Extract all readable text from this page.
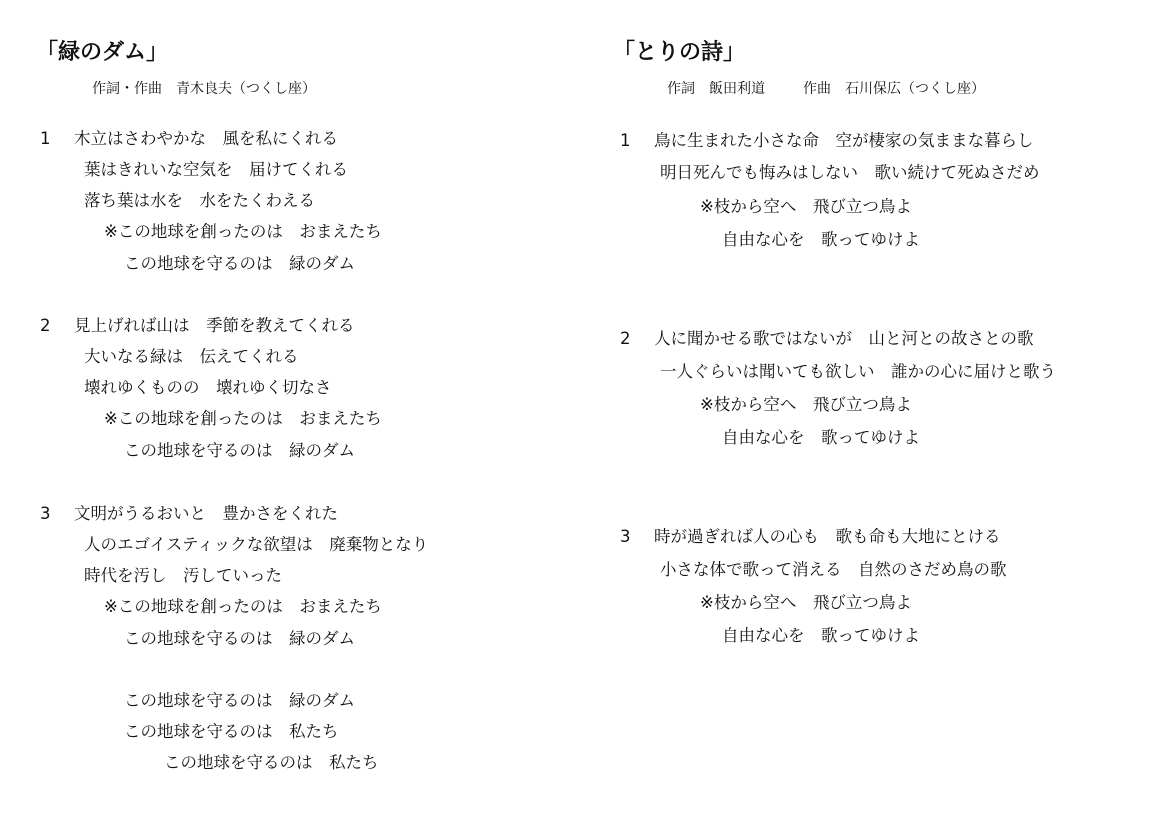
「緑のダム」
作詞・作曲　青木良夫（つくし座）
1 木立はさわやかな　風を私にくれる
葉はきれいな空気を　届けてくれる
落ち葉は水を　水をたくわえる
※この地球を創ったのは　おまえたち
この地球を守るのは　緑のダム
2 見上げれば山は　季節を教えてくれる
大いなる緑は　伝えてくれる
壊れゆくものの　壊れゆく切なさ
※この地球を創ったのは　おまえたち
この地球を守るのは　緑のダム
3 文明がうるおいと　豊かさをくれた
人のエゴイスティックな欲望は　廃棄物となり
時代を汚し　汚していった
※この地球を創ったのは　おまえたち
この地球を守るのは　緑のダム
この地球を守るのは　緑のダム
この地球を守るのは　私たち
この地球を守るのは　私たち
「とりの詩」
作詞　飯田利道	作曲　石川保広（つくし座）
1 鳥に生まれた小さな命　空が棲家の気ままな暮らし
明日死んでも悔みはしない　歌い続けて死ぬさだめ
※枝から空へ　飛び立つ鳥よ
自由な心を　歌ってゆけよ
2 人に聞かせる歌ではないが　山と河との故さとの歌
一人ぐらいは聞いても欲しい　誰かの心に届けと歌う
※枝から空へ　飛び立つ鳥よ
自由な心を　歌ってゆけよ
3 時が過ぎれば人の心も　歌も命も大地にとける
小さな体で歌って消える　自然のさだめ鳥の歌
※枝から空へ　飛び立つ鳥よ
自由な心を　歌ってゆけよ
